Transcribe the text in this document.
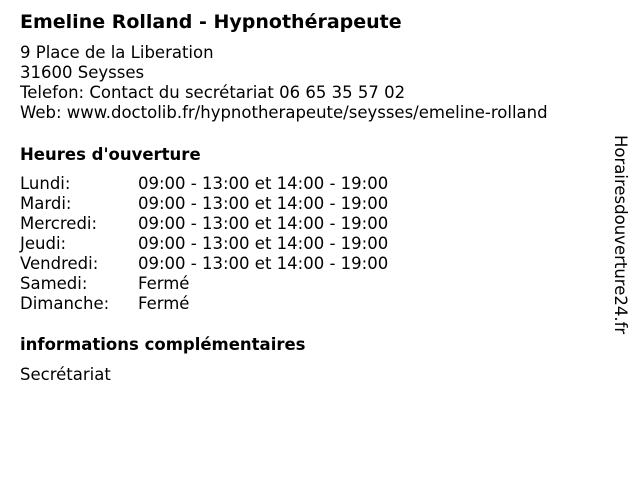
Emeline Rolland - Hypnothérapeute
9 Place de la Liberation
31600 Seysses
Telefon: Contact du secrétariat 06 65 35 57 02
Web: www.doctolib.fr/hypnotherapeute/seysses/emeline-rolland
Heures d'ouverture
Lundi:	09:00 - 13:00 et 14:00 - 19:00
Mardi:	09:00 - 13:00 et 14:00 - 19:00
Mercredi:	09:00 - 13:00 et 14:00 - 19:00
Jeudi:	09:00 - 13:00 et 14:00 - 19:00
Vendredi:	09:00 - 13:00 et 14:00 - 19:00
Samedi:	Fermé
Dimanche:	Fermé
informations complémentaires
Secrétariat
Horairesdouverture24.fr
